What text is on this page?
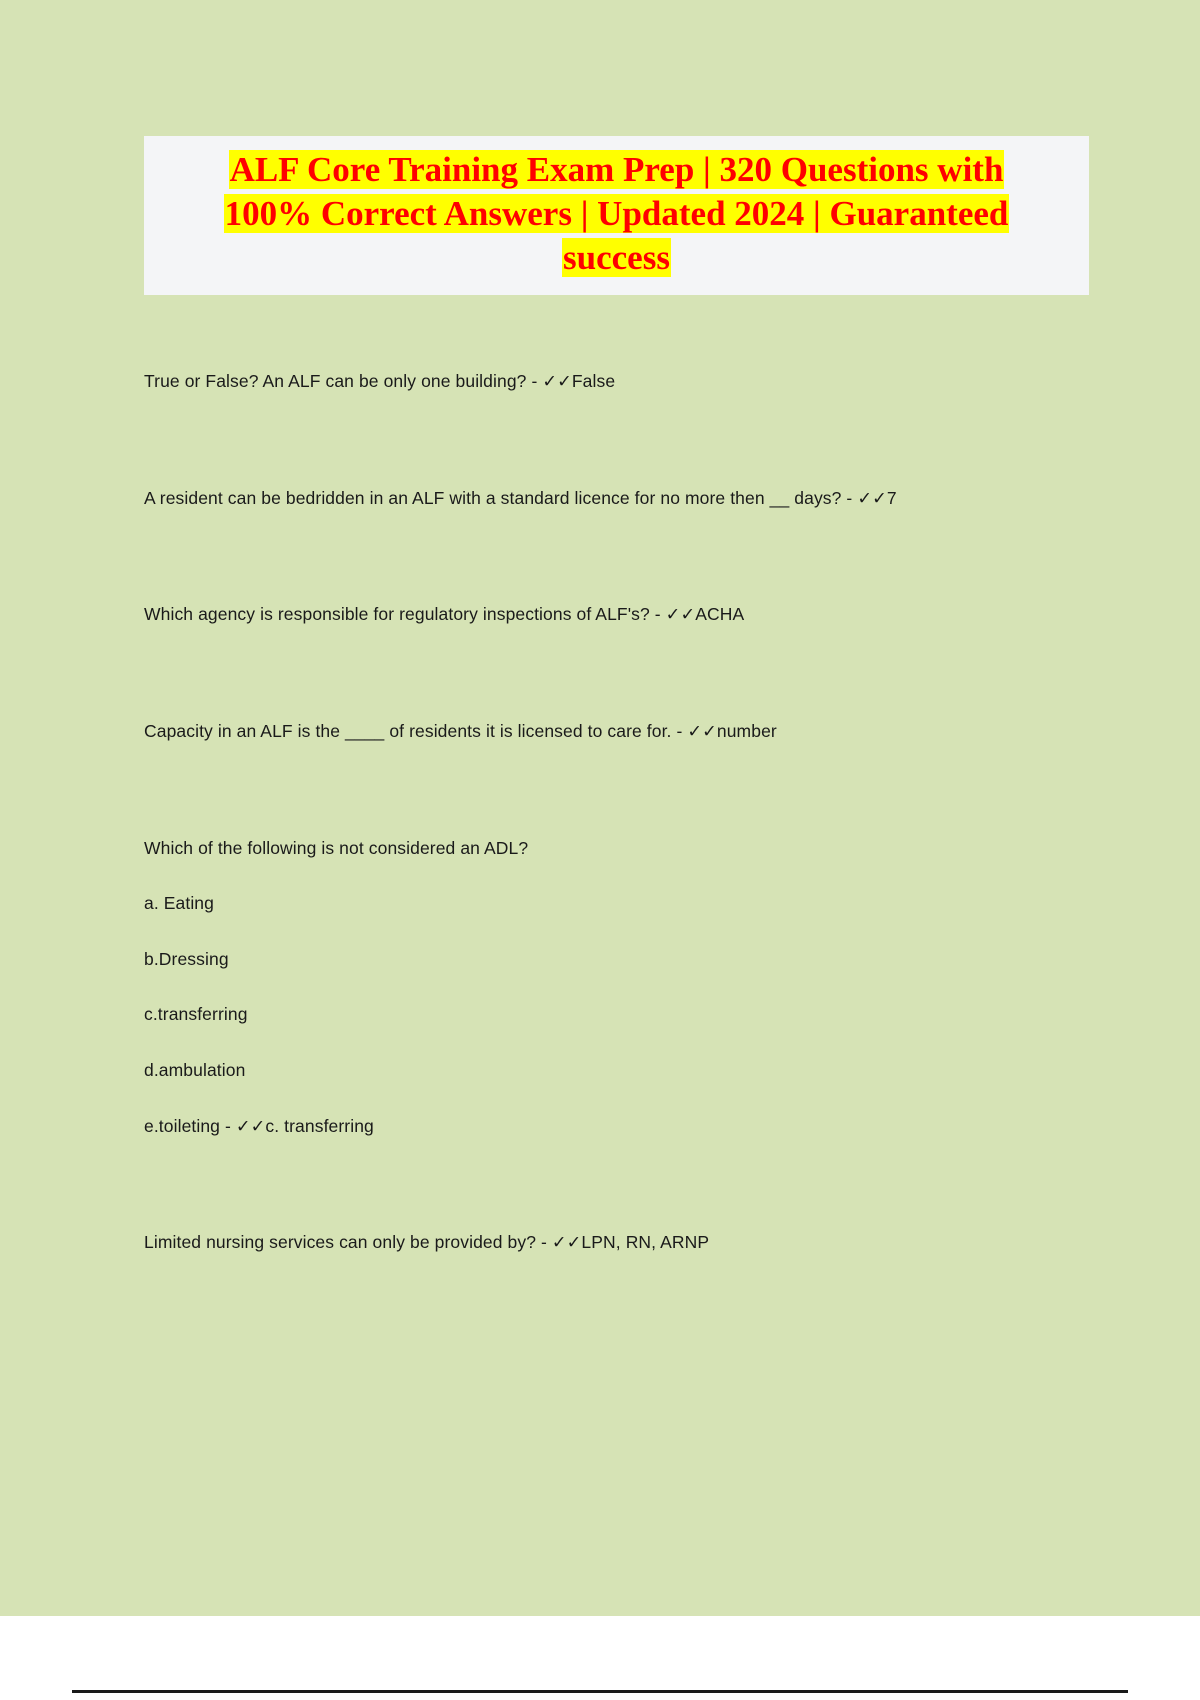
ALF Core Training Exam Prep | 320 Questions with
100% Correct Answers | Updated 2024 | Guaranteed
success

True or False? An ALF can be only one building? - ✓✓False

A resident can be bedridden in an ALF with a standard licence for no more then __ days? - ✓✓7

Which agency is responsible for regulatory inspections of ALF's? - ✓✓ACHA

Capacity in an ALF is the ____ of residents it is licensed to care for. - ✓✓number

Which of the following is not considered an ADL?

a. Eating

b.Dressing

c.transferring

d.ambulation

e.toileting - ✓✓c. transferring

Limited nursing services can only be provided by? - ✓✓LPN, RN, ARNP
